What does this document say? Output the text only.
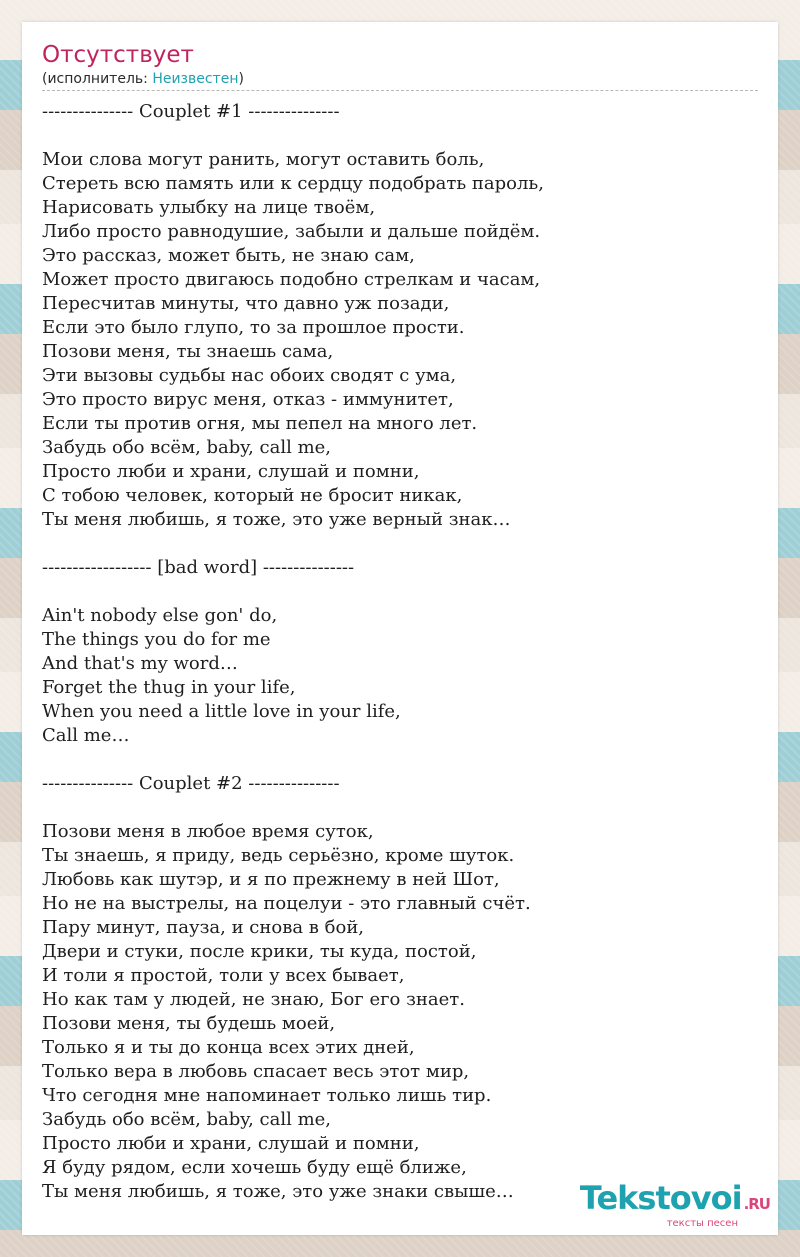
Отсутствует
(исполнитель: Неизвестен)
--------------- Couplet #1 ---------------
Мои слова могут ранить, могут оставить боль,
Стереть всю память или к сердцу подобрать пароль,
Нарисовать улыбку на лице твоём,
Либо просто равнодушие, забыли и дальше пойдём.
Это рассказ, может быть, не знаю сам,
Может просто двигаюсь подобно стрелкам и часам,
Пересчитав минуты, что давно уж позади,
Если это было глупо, то за прошлое прости.
Позови меня, ты знаешь сама,
Эти вызовы судьбы нас обоих сводят с ума,
Это просто вирус меня, отказ - иммунитет,
Если ты против огня, мы пепел на много лет.
Забудь обо всём, baby, call me,
Просто люби и храни, слушай и помни,
С тобою человек, который не бросит никак,
Ты меня любишь, я тоже, это уже верный знак…
------------------ [bad word] ---------------
Ain't nobody else gon' do,
The things you do for me
And that's my word…
Forget the thug in your life,
When you need a little love in your life,
Call me…
--------------- Couplet #2 ---------------
Позови меня в любое время суток,
Ты знаешь, я приду, ведь серьёзно, кроме шуток.
Любовь как шутэр, и я по прежнему в ней Шот,
Но не на выстрелы, на поцелуи - это главный счёт.
Пару минут, пауза, и снова в бой,
Двери и стуки, после крики, ты куда, постой,
И толи я простой, толи у всех бывает,
Но как там у людей, не знаю, Бог его знает.
Позови меня, ты будешь моей,
Только я и ты до конца всех этих дней,
Только вера в любовь спасает весь этот мир,
Что сегодня мне напоминает только лишь тир.
Забудь обо всём, baby, call me,
Просто люби и храни, слушай и помни,
Я буду рядом, если хочешь буду ещё ближе,
Ты меня любишь, я тоже, это уже знаки свыше…	Tekstovoi .RU
тексты песен
